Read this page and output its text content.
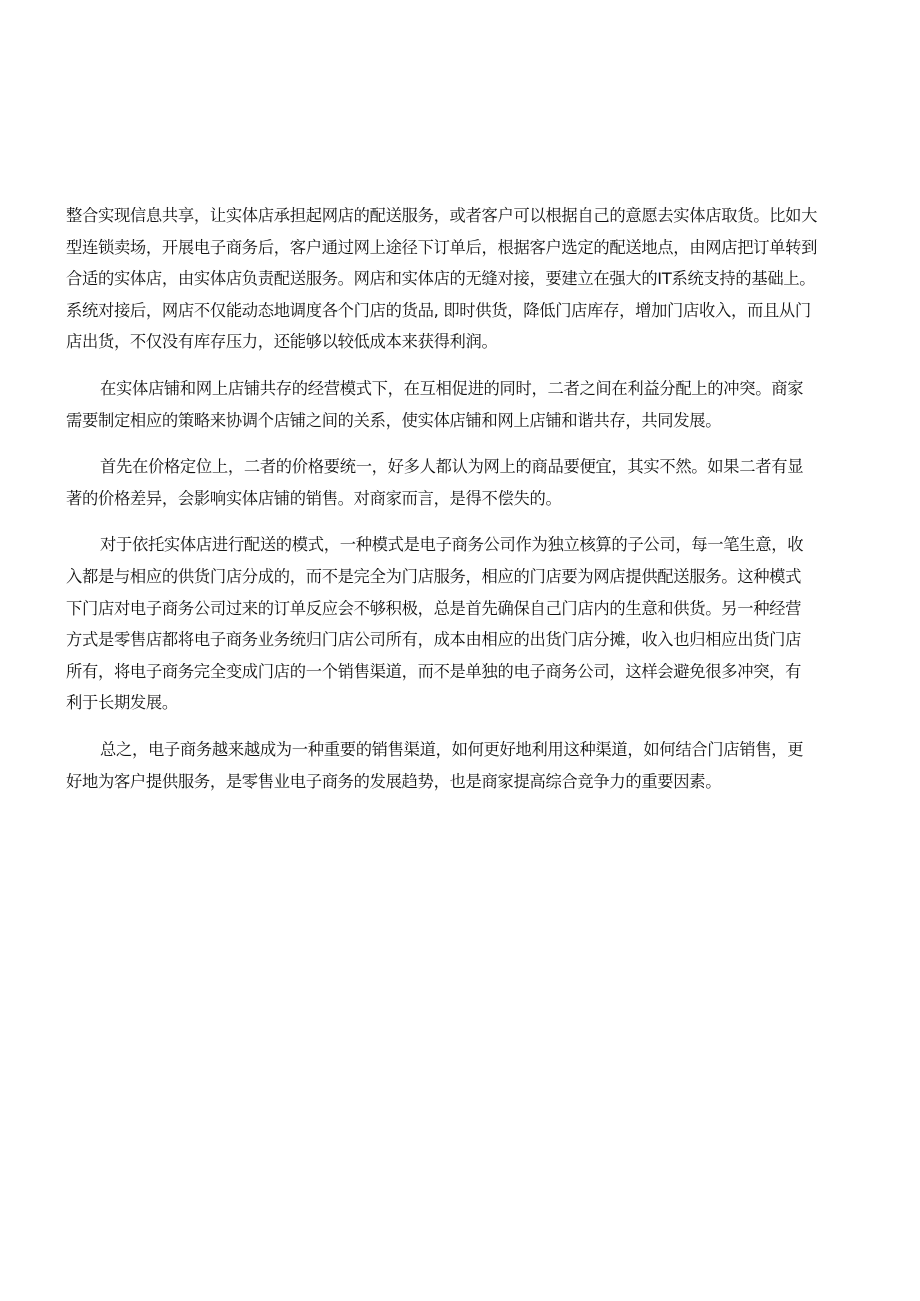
整合实现信息共享，让实体店承担起网店的配送服务，或者客户可以根据自己的意愿去实体店取货。比如大
型连锁卖场，开展电子商务后，客户通过网上途径下订单后，根据客户选定的配送地点，由网店把订单转到
合适的实体店，由实体店负责配送服务。网店和实体店的无缝对接，要建立在强大的IT系统支持的基础上。
系统对接后，网店不仅能动态地调度各个门店的货品, 即时供货，降低门店库存，增加门店收入，而且从门
店出货，不仅没有库存压力，还能够以较低成本来获得利润。

在实体店铺和网上店铺共存的经营模式下，在互相促进的同时，二者之间在利益分配上的冲突。商家
需要制定相应的策略来协调个店铺之间的关系，使实体店铺和网上店铺和谐共存，共同发展。

首先在价格定位上，二者的价格要统一，好多人都认为网上的商品要便宜，其实不然。如果二者有显
著的价格差异，会影响实体店铺的销售。对商家而言，是得不偿失的。

对于依托实体店进行配送的模式，一种模式是电子商务公司作为独立核算的子公司，每一笔生意，收
入都是与相应的供货门店分成的，而不是完全为门店服务，相应的门店要为网店提供配送服务。这种模式
下门店对电子商务公司过来的订单反应会不够积极，总是首先确保自己门店内的生意和供货。另一种经营
方式是零售店都将电子商务业务统归门店公司所有，成本由相应的出货门店分摊，收入也归相应出货门店
所有，将电子商务完全变成门店的一个销售渠道，而不是单独的电子商务公司，这样会避免很多冲突，有
利于长期发展。

总之，电子商务越来越成为一种重要的销售渠道，如何更好地利用这种渠道，如何结合门店销售，更
好地为客户提供服务，是零售业电子商务的发展趋势，也是商家提高综合竞争力的重要因素。
